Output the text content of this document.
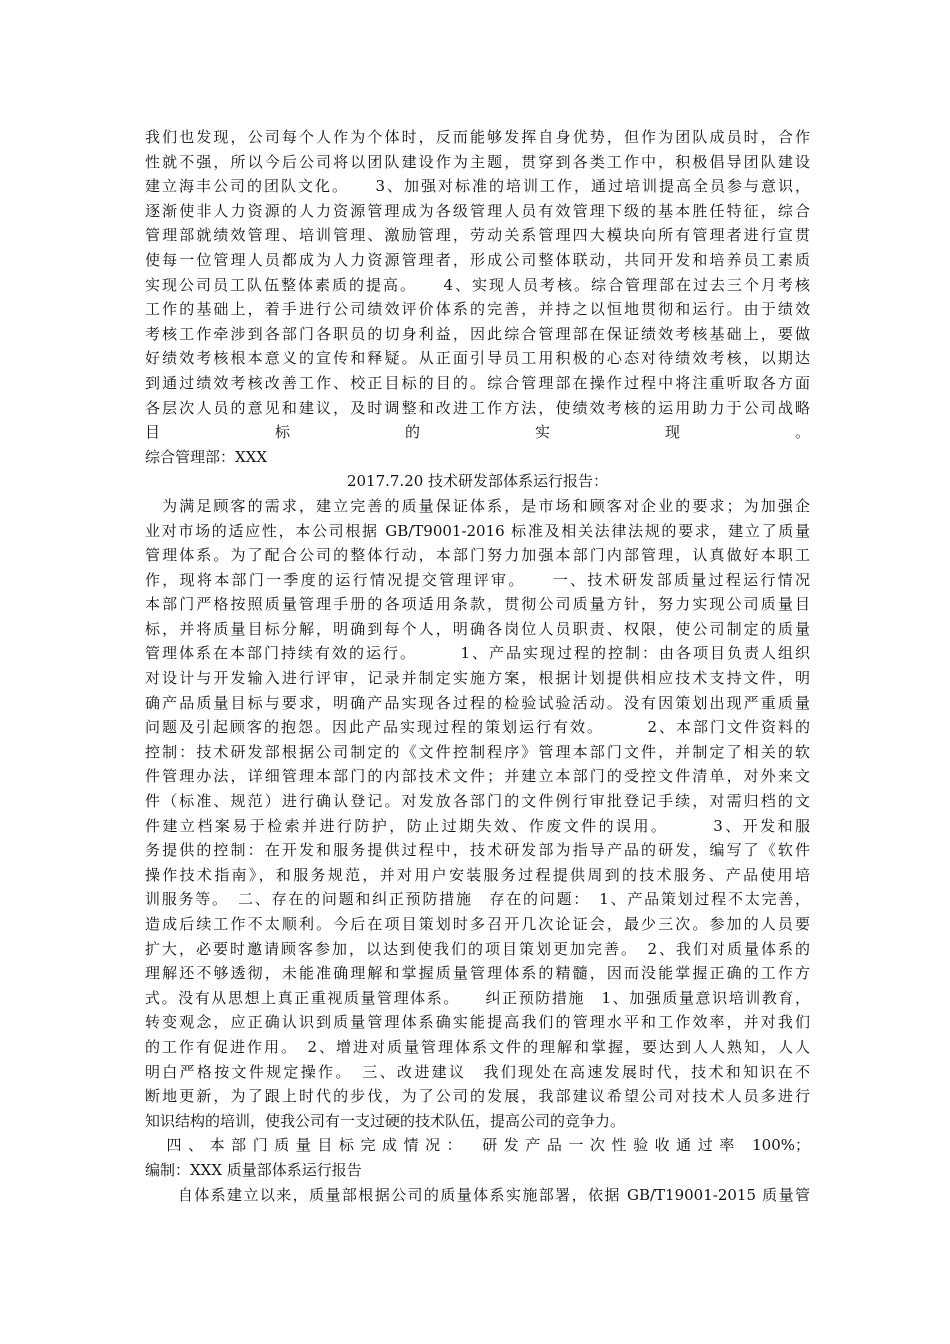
我们也发现，公司每个人作为个体时，反而能够发挥自身优势，但作为团队成员时，合作
性就不强，所以今后公司将以团队建设作为主题，贯穿到各类工作中，积极倡导团队建设
建立海丰公司的团队文化。　　3、加强对标准的培训工作，通过培训提高全员参与意识，
逐渐使非人力资源的人力资源管理成为各级管理人员有效管理下级的基本胜任特征，综合
管理部就绩效管理、培训管理、激励管理，劳动关系管理四大模块向所有管理者进行宣贯
使每一位管理人员都成为人力资源管理者，形成公司整体联动，共同开发和培养员工素质
实现公司员工队伍整体素质的提高。　　4、实现人员考核。综合管理部在过去三个月考核
工作的基础上，着手进行公司绩效评价体系的完善，并持之以恒地贯彻和运行。由于绩效
考核工作牵涉到各部门各职员的切身利益，因此综合管理部在保证绩效考核基础上，要做
好绩效考核根本意义的宣传和释疑。从正面引导员工用积极的心态对待绩效考核，以期达
到通过绩效考核改善工作、校正目标的目的。综合管理部在操作过程中将注重听取各方面
各层次人员的意见和建议，及时调整和改进工作方法，使绩效考核的运用助力于公司战略
目　　　　　　标　　　　　　的　　　　　　实　　　　　　现　　　　　　。
综合管理部：XXX
2017.7.20 技术研发部体系运行报告：
　为满足顾客的需求，建立完善的质量保证体系，是市场和顾客对企业的要求；为加强企
业对市场的适应性，本公司根据 GB/T9001-2016 标准及相关法律法规的要求，建立了质量
管理体系。为了配合公司的整体行动，本部门努力加强本部门内部管理，认真做好本职工
作，现将本部门一季度的运行情况提交管理评审。　　一、技术研发部质量过程运行情况
本部门严格按照质量管理手册的各项适用条款，贯彻公司质量方针，努力实现公司质量目
标，并将质量目标分解，明确到每个人，明确各岗位人员职责、权限，使公司制定的质量
管理体系在本部门持续有效的运行。　　　1、产品实现过程的控制：由各项目负责人组织
对设计与开发输入进行评审，记录并制定实施方案，根据计划提供相应技术支持文件，明
确产品质量目标与要求，明确产品实现各过程的检验试验活动。没有因策划出现严重质量
问题及引起顾客的抱怨。因此产品实现过程的策划运行有效。　　　2、本部门文件资料的
控制：技术研发部根据公司制定的《文件控制程序》管理本部门文件，并制定了相关的软
件管理办法，详细管理本部门的内部技术文件；并建立本部门的受控文件清单，对外来文
件（标准、规范）进行确认登记。对发放各部门的文件例行审批登记手续，对需归档的文
件建立档案易于检索并进行防护，防止过期失效、作废文件的误用。　　　3、开发和服
务提供的控制：在开发和服务提供过程中，技术研发部为指导产品的研发，编写了《软件
操作技术指南》，和服务规范，并对用户安装服务过程提供周到的技术服务、产品使用培
训服务等。　二、存在的问题和纠正预防措施　存在的问题：　1、产品策划过程不太完善，
造成后续工作不太顺利。今后在项目策划时多召开几次论证会，最少三次。参加的人员要
扩大，必要时邀请顾客参加，以达到使我们的项目策划更加完善。　2、我们对质量体系的
理解还不够透彻，未能准确理解和掌握质量管理体系的精髓，因而没能掌握正确的工作方
式。没有从思想上真正重视质量管理体系。　　纠正预防措施　1、加强质量意识培训教育，
转变观念，应正确认识到质量管理体系确实能提高我们的管理水平和工作效率，并对我们
的工作有促进作用。　2、增进对质量管理体系文件的理解和掌握，要达到人人熟知，人人
明白严格按文件规定操作。　三、改进建议　我们现处在高速发展时代，技术和知识在不
断地更新，为了跟上时代的步伐，为了公司的发展，我部建议希望公司对技术人员多进行
知识结构的培训，使我公司有一支过硬的技术队伍，提高公司的竞争力。
　四、本部门质量目标完成情况：　研发产品一次性验收通过率 100%；
编制：XXX 质量部体系运行报告
　　自体系建立以来，质量部根据公司的质量体系实施部署，依据 GB/T19001-2015 质量管
